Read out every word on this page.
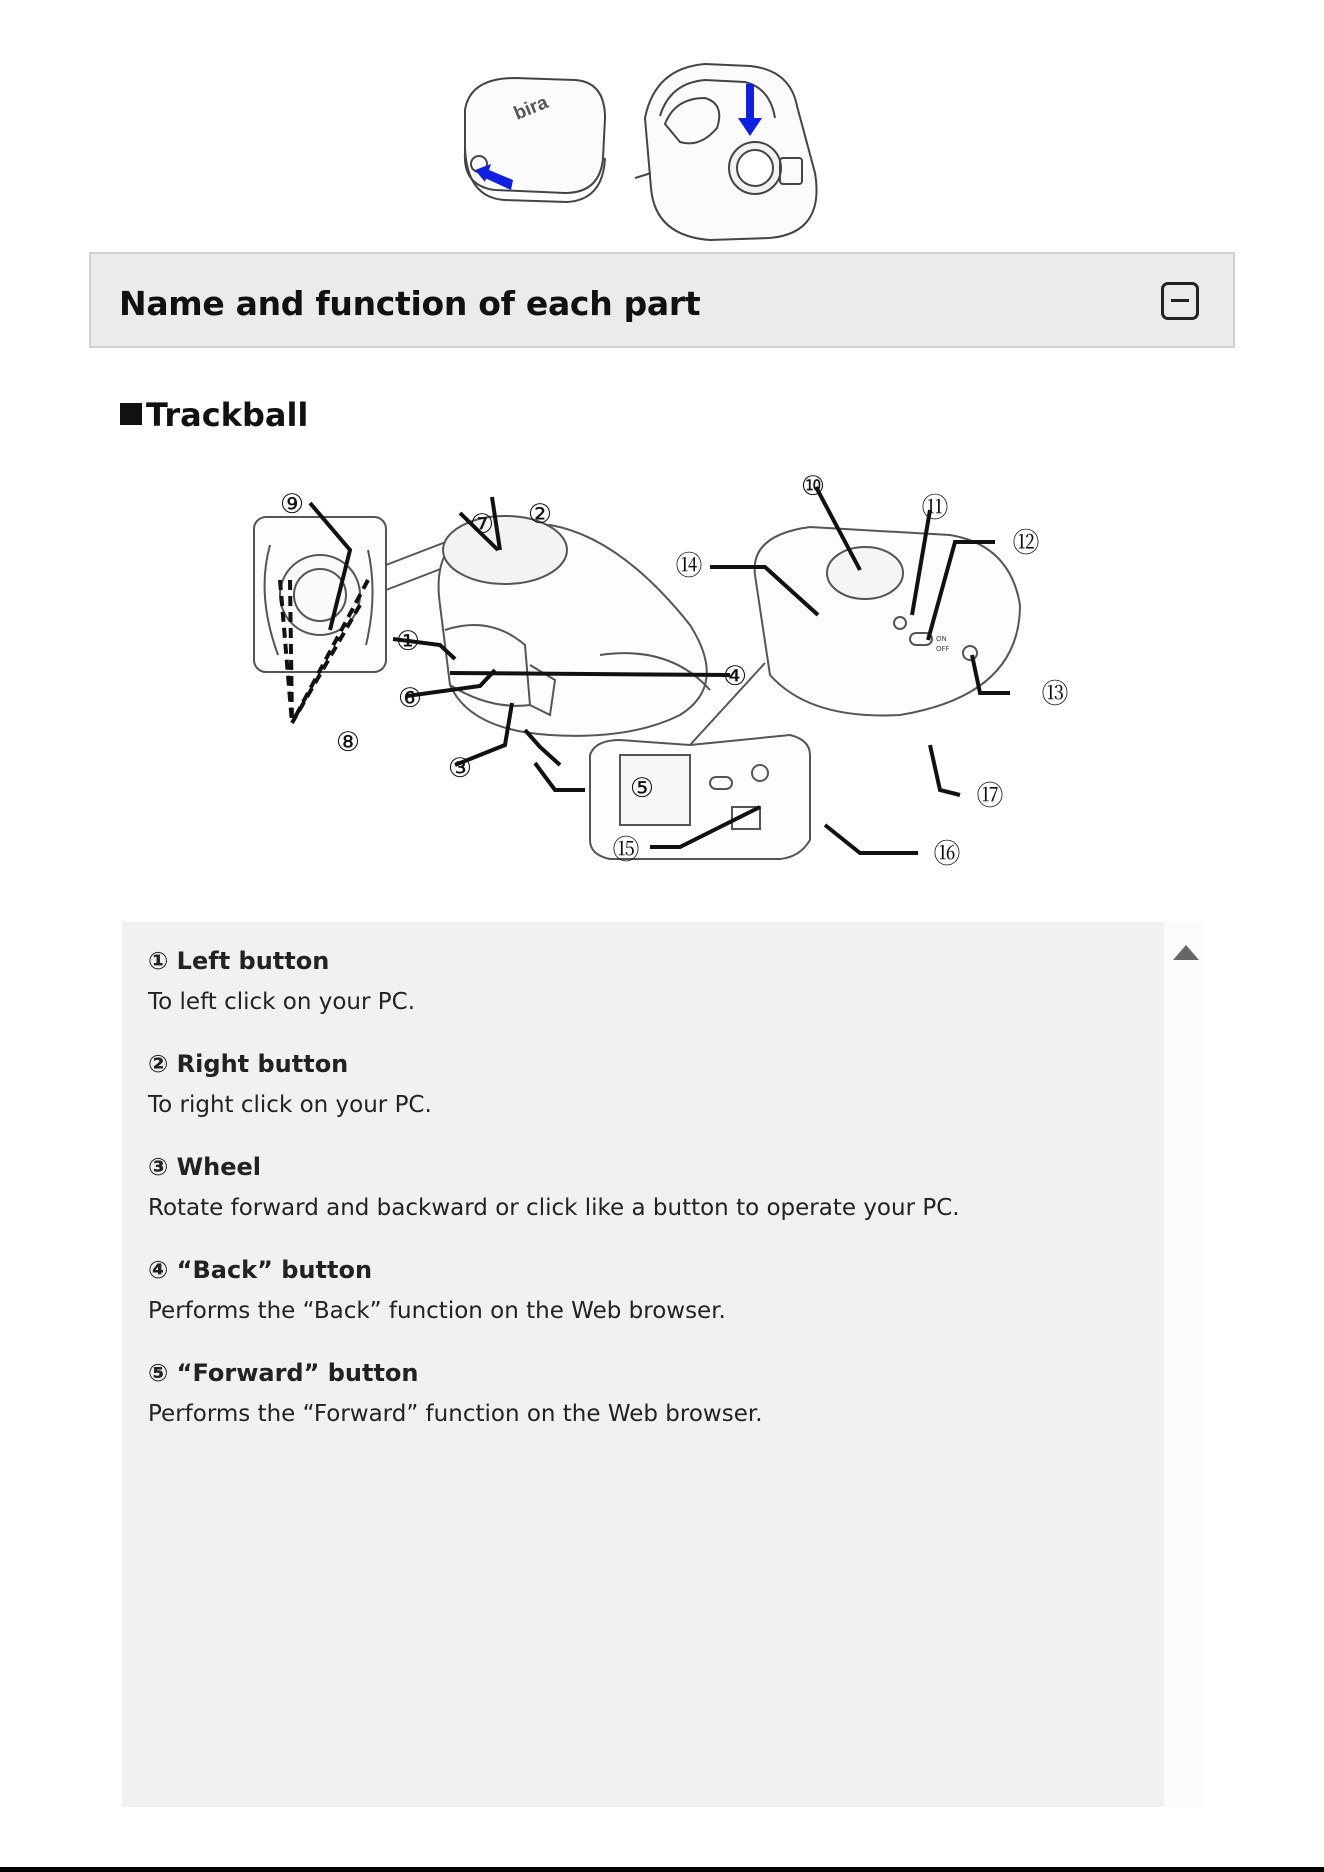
bira
Name and function of each part
Trackball
⑨
⑦ ②
①
⑥
④
⑧
③
⑤
⑩
⑪
⑫
⑭
⑬
⑰
⑮	⑯
ON
OFF

① Left button

To left click on your PC.

② Right button

To right click on your PC.

③ Wheel

Rotate forward and backward or click like a button to operate your PC.

④ “Back” button

Performs the “Back” function on the Web browser.

⑤ “Forward” button

Performs the “Forward” function on the Web browser.
